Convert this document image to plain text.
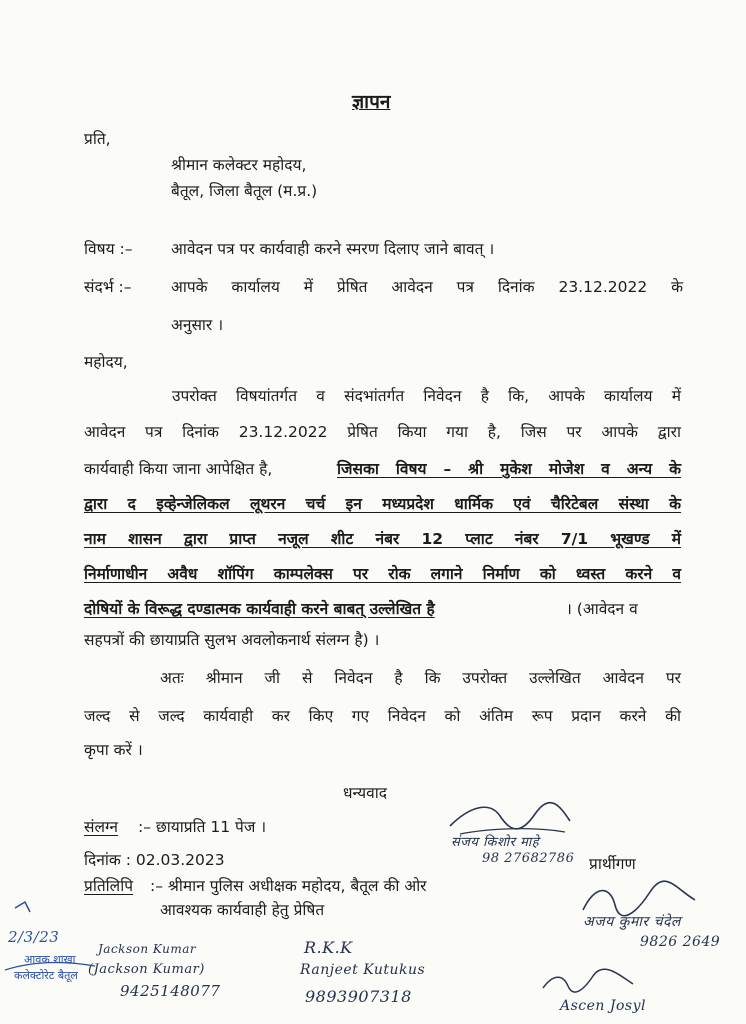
ज्ञापन
प्रति,
श्रीमान कलेक्टर महोदय,
बैतूल, जिला बैतूल (म.प्र.)
विषय :– आवेदन पत्र पर कार्यवाही करने स्मरण दिलाए जाने बावत् ।
संदर्भ :–	आपके कार्यालय में प्रेषित आवेदन पत्र दिनांक 23.12.2022 के
अनुसार ।
महोदय,
उपरोक्त विषयांतर्गत व संदभांतर्गत निवेदन है कि, आपके कार्यालय में
आवेदन पत्र दिनांक 23.12.2022 प्रेषित किया गया है, जिस पर आपके द्वारा
कार्यवाही किया जाना आपेक्षित है,	जिसका विषय – श्री मुकेश मोजेश व अन्य के
द्वारा द इव्हेन्जेलिकल लूथरन चर्च इन मध्यप्रदेश धार्मिक एवं चैरिटेबल संस्था के
नाम शासन द्वारा प्राप्त नजूल शीट नंबर 12 प्लाट नंबर 7/1 भूखण्ड में
निर्माणाधीन अवैध शॉपिंग काम्पलेक्स पर रोक लगाने निर्माण को ध्वस्त करने व
दोषियों के विरूद्ध दण्डात्मक कार्यवाही करने बाबत् उल्लेखित है	। (आवेदन व
सहपत्रों की छायाप्रति सुलभ अवलोकनार्थ संलग्न है) ।
अतः श्रीमान जी से निवेदन है कि उपरोक्त उल्लेखित आवेदन पर
जल्द से जल्द कार्यवाही कर किए गए निवेदन को अंतिम रूप प्रदान करने की
कृपा करें ।
धन्यवाद
संलग्न :– छायाप्रति 11 पेज ।
दिनांक : 02.03.2023
प्रतिलिपि :– श्रीमान पुलिस अधीक्षक महोदय, बैतूल की ओर
आवश्यक कार्यवाही हेतु प्रेषित
प्रार्थीगण
संजय किशोर माहे
98 27682786
अजय कुमार चंदेल
9826 2649
Jackson Kumar
(Jackson Kumar)
9425148077
R.K.K
Ranjeet Kutukus
9893907318	Ascen Josyl
2/3/23
आवक शाखा
कलेक्टोरेट बैतूल
